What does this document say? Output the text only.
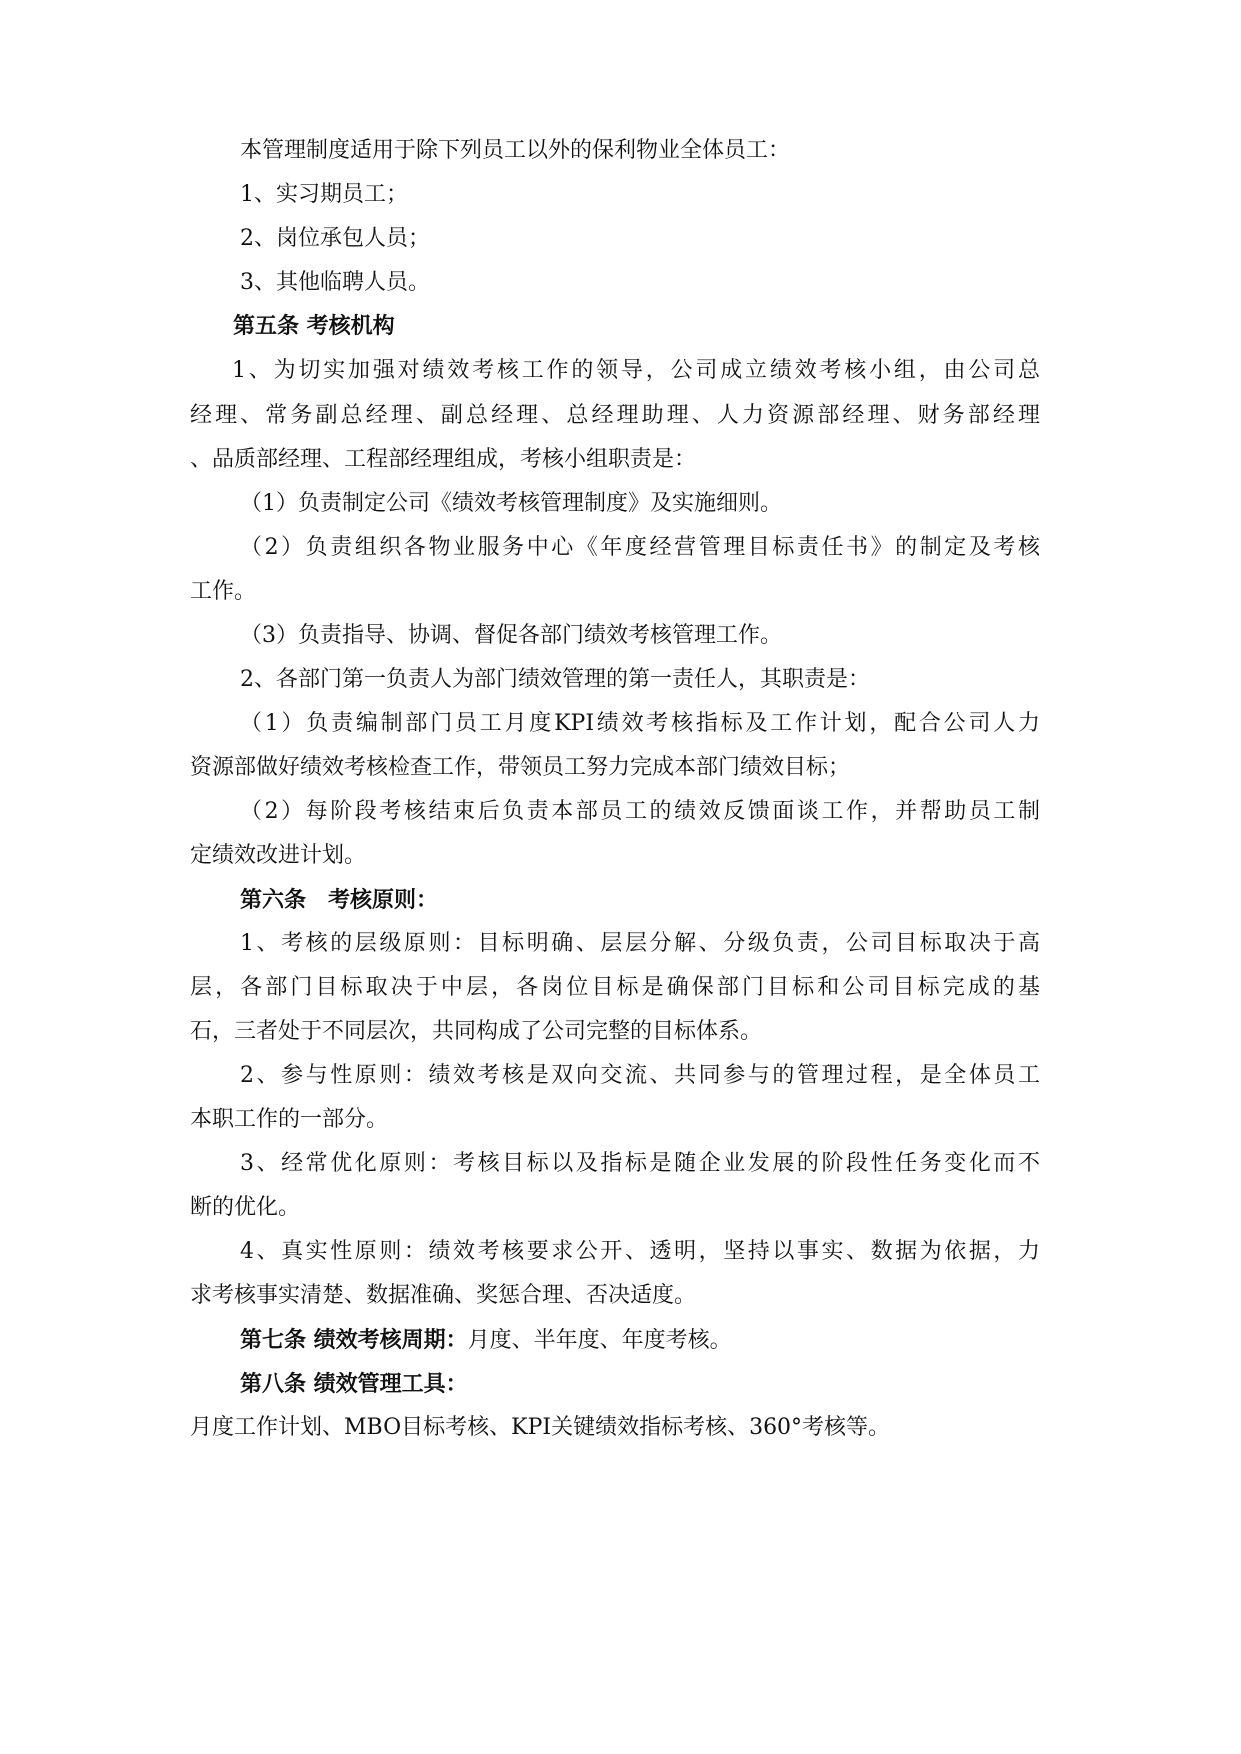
本管理制度适用于除下列员工以外的保利物业全体员工：
1、实习期员工；
2、岗位承包人员；
3、其他临聘人员。
第五条 考核机构
1、为切实加强对绩效考核工作的领导，公司成立绩效考核小组，由公司总
经理、常务副总经理、副总经理、总经理助理、人力资源部经理、财务部经理
、品质部经理、工程部经理组成，考核小组职责是：
（1）负责制定公司《绩效考核管理制度》及实施细则。
（2）负责组织各物业服务中心《年度经营管理目标责任书》的制定及考核
工作。
（3）负责指导、协调、督促各部门绩效考核管理工作。
2、各部门第一负责人为部门绩效管理的第一责任人，其职责是：
（1）负责编制部门员工月度KPI绩效考核指标及工作计划，配合公司人力
资源部做好绩效考核检查工作，带领员工努力完成本部门绩效目标；
（2）每阶段考核结束后负责本部员工的绩效反馈面谈工作，并帮助员工制
定绩效改进计划。
第六条　考核原则：
1、考核的层级原则：目标明确、层层分解、分级负责，公司目标取决于高
层，各部门目标取决于中层，各岗位目标是确保部门目标和公司目标完成的基
石，三者处于不同层次，共同构成了公司完整的目标体系。
2、参与性原则：绩效考核是双向交流、共同参与的管理过程，是全体员工
本职工作的一部分。
3、经常优化原则：考核目标以及指标是随企业发展的阶段性任务变化而不
断的优化。
4、真实性原则：绩效考核要求公开、透明，坚持以事实、数据为依据，力
求考核事实清楚、数据准确、奖惩合理、否决适度。
第七条 绩效考核周期：月度、半年度、年度考核。
第八条 绩效管理工具：
月度工作计划、MBO目标考核、KPI关键绩效指标考核、360°考核等。
